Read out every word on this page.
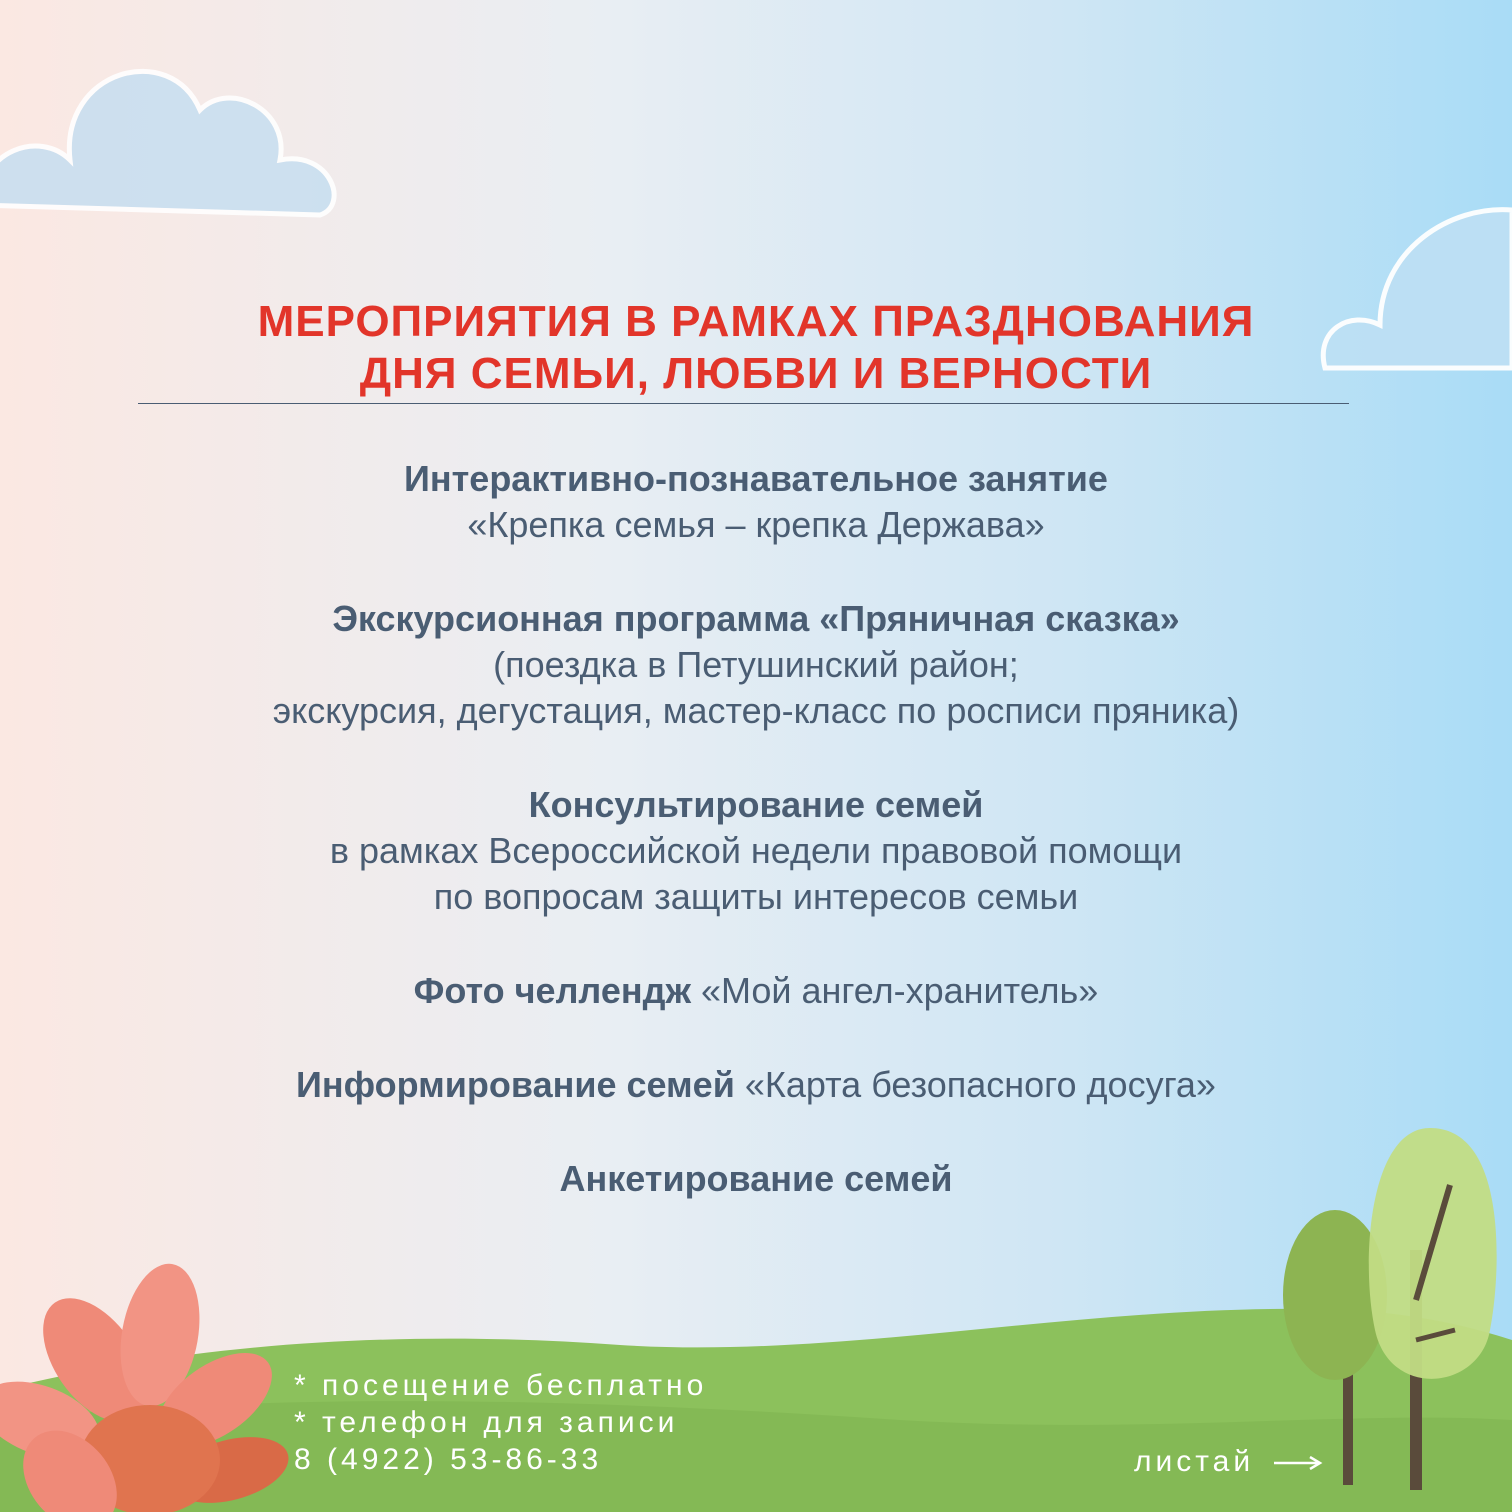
МЕРОПРИЯТИЯ В РАМКАХ ПРАЗДНОВАНИЯ
ДНЯ СЕМЬИ, ЛЮБВИ И ВЕРНОСТИ
Интерактивно-познавательное занятие
«Крепка семья – крепка Держава»
Экскурсионная программа «Пряничная сказка»
(поездка в Петушинский район;
экскурсия, дегустация, мастер-класс по росписи пряника)
Консультирование семей
в рамках Всероссийской недели правовой помощи
по вопросам защиты интересов семьи
Фото челлендж «Мой ангел-хранитель»
Информирование семей «Карта безопасного досуга»
Анкетирование семей
* посещение бесплатно
* телефон для записи
8 (4922) 53-86-33	листай
